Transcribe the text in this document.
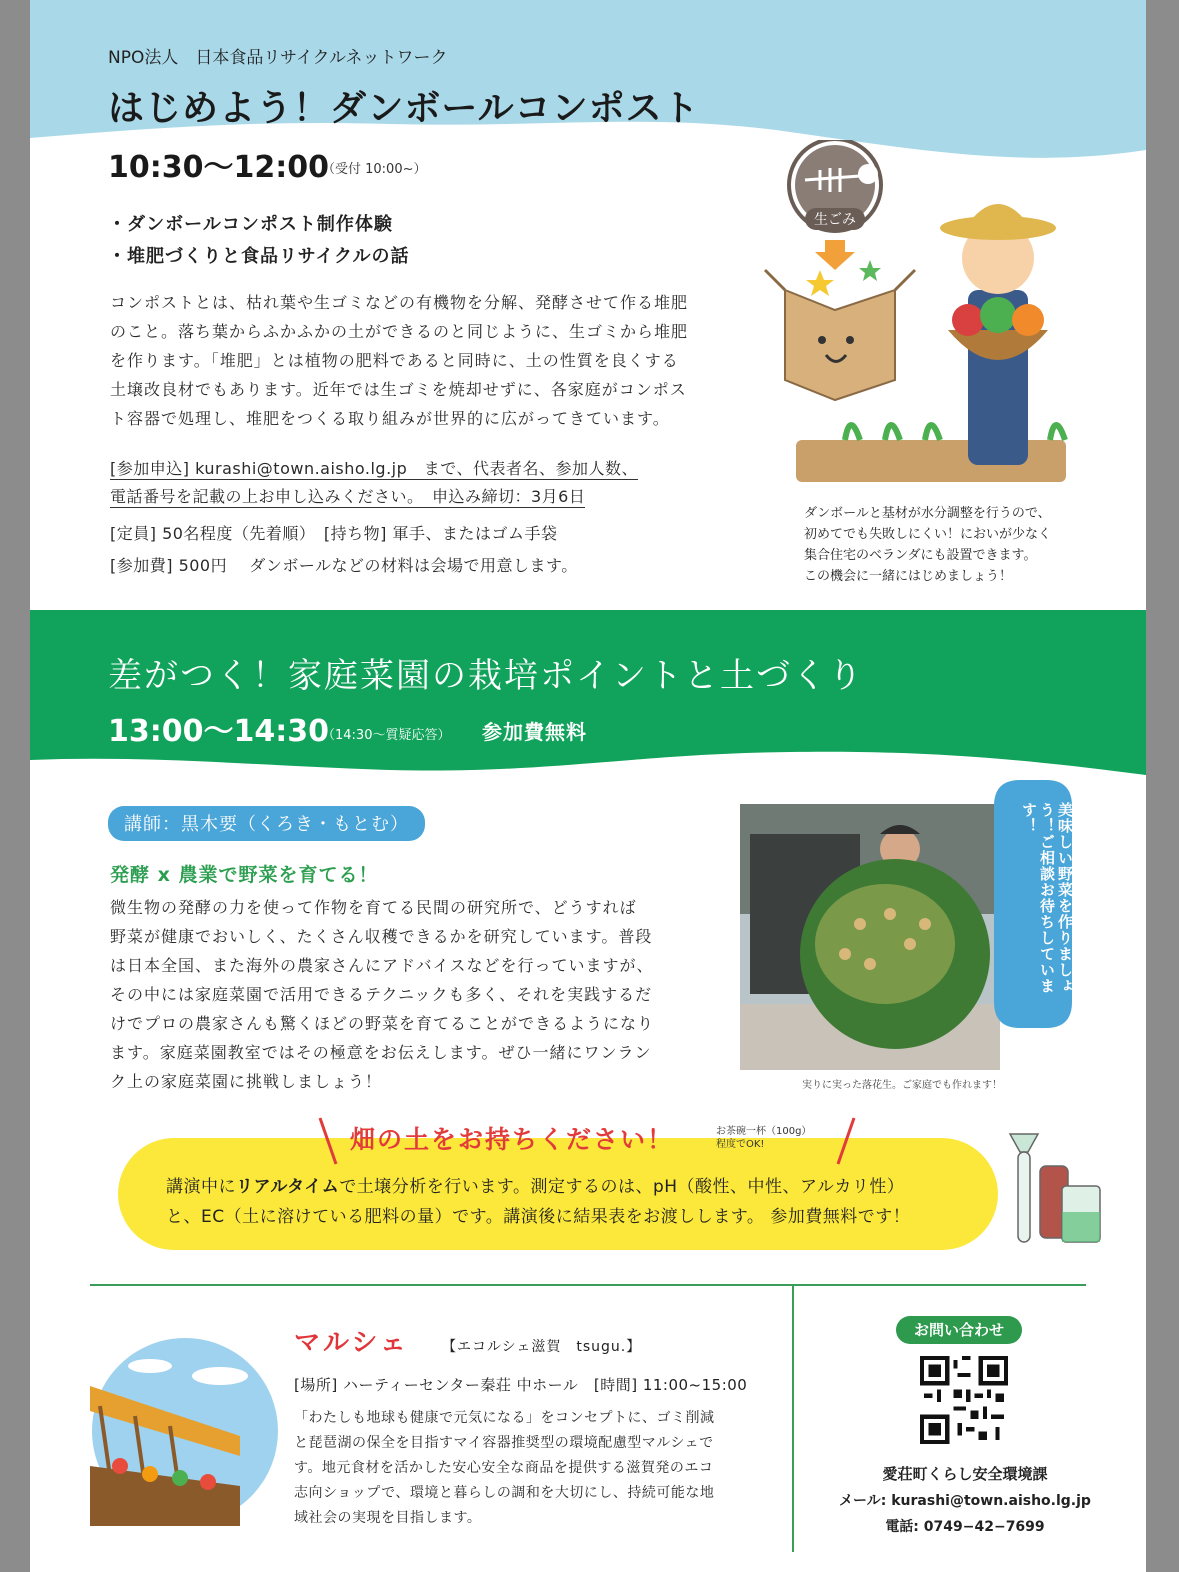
NPO法人　日本食品リサイクルネットワーク
はじめよう！ダンボールコンポスト
10:30〜12:00
（受付 10:00~）
・ダンボールコンポスト制作体験
・堆肥づくりと食品リサイクルの話
コンポストとは、枯れ葉や生ゴミなどの有機物を分解、発酵させて作る堆肥
のこと。落ち葉からふかふかの土ができるのと同じように、生ゴミから堆肥
を作ります。「堆肥」とは植物の肥料であると同時に、土の性質を良くする
土壌改良材でもあります。近年では生ゴミを焼却せずに、各家庭がコンポス
ト容器で処理し、堆肥をつくる取り組みが世界的に広がってきています。
[参加申込] kurashi@town.aisho.lg.jp　まで、代表者名、参加人数、
電話番号を記載の上お申し込みください。　申込み締切：3月6日
[定員] 50名程度（先着順）　[持ち物] 軍手、またはゴム手袋
[参加費] 500円　 ダンボールなどの材料は会場で用意します。
生ごみ
ダンボールと基材が水分調整を行うので、
初めてでも失敗しにくい！においが少なく
集合住宅のベランダにも設置できます。
この機会に一緒にはじめましょう！
差がつく！家庭菜園の栽培ポイントと土づくり
13:00〜14:30
（14:30〜質疑応答） 参加費無料
講師：黒木要（くろき・もとむ）
発酵 x 農業で野菜を育てる！
微生物の発酵の力を使って作物を育てる民間の研究所で、どうすれば
野菜が健康でおいしく、たくさん収穫できるかを研究しています。普段
は日本全国、また海外の農家さんにアドバイスなどを行っていますが、
その中には家庭菜園で活用できるテクニックも多く、それを実践するだ
けでプロの農家さんも驚くほどの野菜を育てることができるようになり
ます。家庭菜園教室ではその極意をお伝えします。ぜひ一緒にワンラン
ク上の家庭菜園に挑戦しましょう！	実りに実った落花生。ご家庭でも作れます！
美味しい野菜を作りましょう！ご相談お待ちしています！
畑の土をお持ちください！	お茶碗一杯（100g）
程度でOK!
講演中にリアルタイムで土壌分析を行います。測定するのは、pH（酸性、中性、アルカリ性）
と、EC（土に溶けている肥料の量）です。講演後に結果表をお渡しします。 参加費無料です！
マルシェ 【エコルシェ滋賀　tsugu.】
[場所] ハーティーセンター秦荘 中ホール　[時間] 11:00~15:00
「わたしも地球も健康で元気になる」をコンセプトに、ゴミ削減
と琵琶湖の保全を目指すマイ容器推奨型の環境配慮型マルシェで
す。地元食材を活かした安心安全な商品を提供する滋賀発のエコ
志向ショップで、環境と暮らしの調和を大切にし、持続可能な地
域社会の実現を目指します。
お問い合わせ
愛荘町くらし安全環境課
メール: kurashi@town.aisho.lg.jp
電話: 0749−42−7699
